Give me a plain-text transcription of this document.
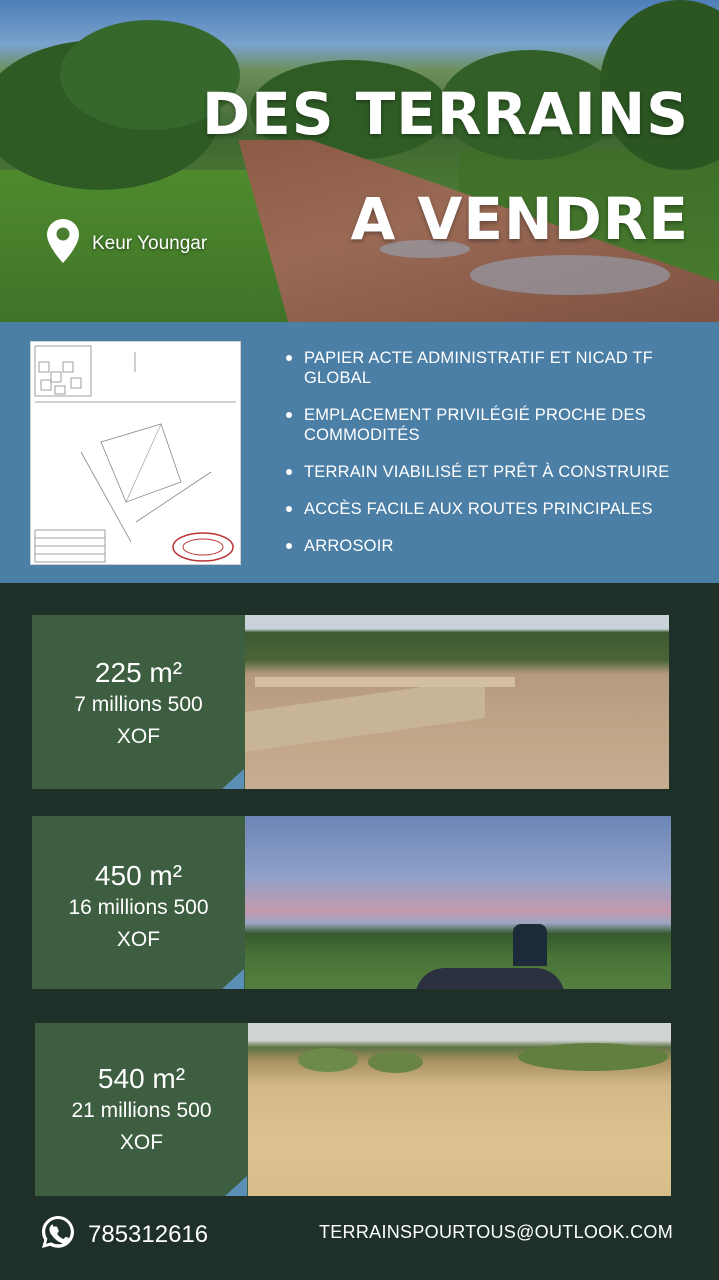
DES TERRAINS
A VENDRE
Keur Youngar
PAPIER ACTE ADMINISTRATIF ET NICAD TF GLOBAL
EMPLACEMENT PRIVILÉGIÉ PROCHE DES COMMODITÉS
TERRAIN VIABILISÉ ET PRÊT À CONSTRUIRE
ACCÈS FACILE AUX ROUTES PRINCIPALES
ARROSOIR
225 m²
7 millions 500
XOF
450 m²
16 millions 500
XOF
540 m²
21 millions 500
XOF
785312616	TERRAINSPOURTOUS@OUTLOOK.COM
